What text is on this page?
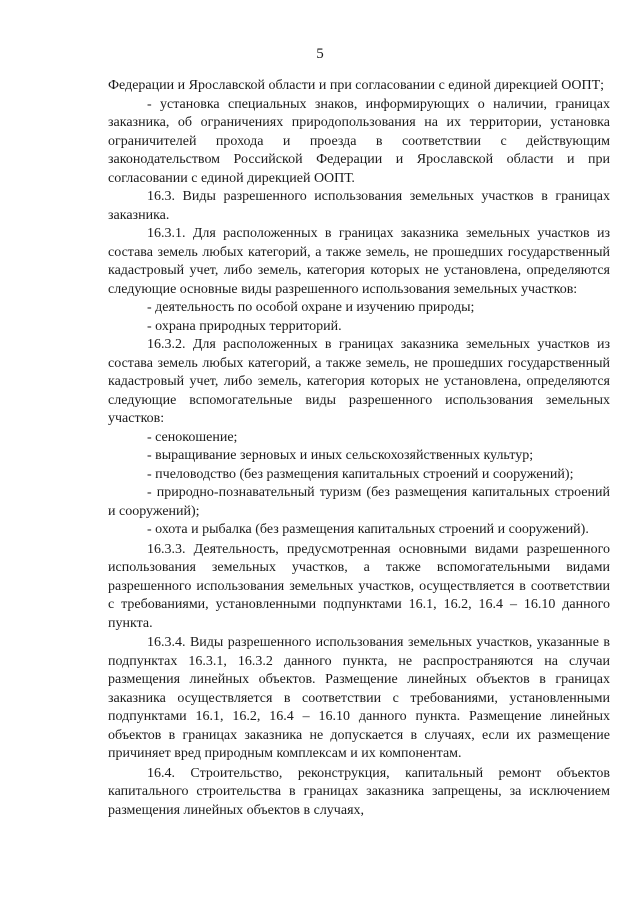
5

Федерации и Ярославской области и при согласовании с единой дирекцией ООПТ;

- установка специальных знаков, информирующих о наличии, границах заказника, об ограничениях природопользования на их территории, установка ограничителей прохода и проезда в соответствии с действующим законодательством Российской Федерации и Ярославской области и при согласовании с единой дирекцией ООПТ.

16.3. Виды разрешенного использования земельных участков в границах заказника.

16.3.1. Для расположенных в границах заказника земельных участков из состава земель любых категорий, а также земель, не прошедших государственный кадастровый учет, либо земель, категория которых не установлена, определяются следующие основные виды разрешенного использования земельных участков:

- деятельность по особой охране и изучению природы;

- охрана природных территорий.

16.3.2. Для расположенных в границах заказника земельных участков из состава земель любых категорий, а также земель, не прошедших государственный кадастровый учет, либо земель, категория которых не установлена, определяются следующие вспомогательные виды разрешенного использования земельных участков:

- сенокошение;

- выращивание зерновых и иных сельскохозяйственных культур;

- пчеловодство (без размещения капитальных строений и сооружений);

- природно-познавательный туризм (без размещения капитальных строений и сооружений);

- охота и рыбалка (без размещения капитальных строений и сооружений).

16.3.3. Деятельность, предусмотренная основными видами разрешенного использования земельных участков, а также вспомогательными видами разрешенного использования земельных участков, осуществляется в соответствии с требованиями, установленными подпунктами 16.1, 16.2, 16.4 – 16.10 данного пункта.

16.3.4. Виды разрешенного использования земельных участков, указанные в подпунктах 16.3.1, 16.3.2 данного пункта, не распространяются на случаи размещения линейных объектов. Размещение линейных объектов в границах заказника осуществляется в соответствии с требованиями, установленными подпунктами 16.1, 16.2, 16.4 – 16.10 данного пункта. Размещение линейных объектов в границах заказника не допускается в случаях, если их размещение причиняет вред природным комплексам и их компонентам.

16.4. Строительство, реконструкция, капитальный ремонт объектов капитального строительства в границах заказника запрещены, за исключением размещения линейных объектов в случаях,
